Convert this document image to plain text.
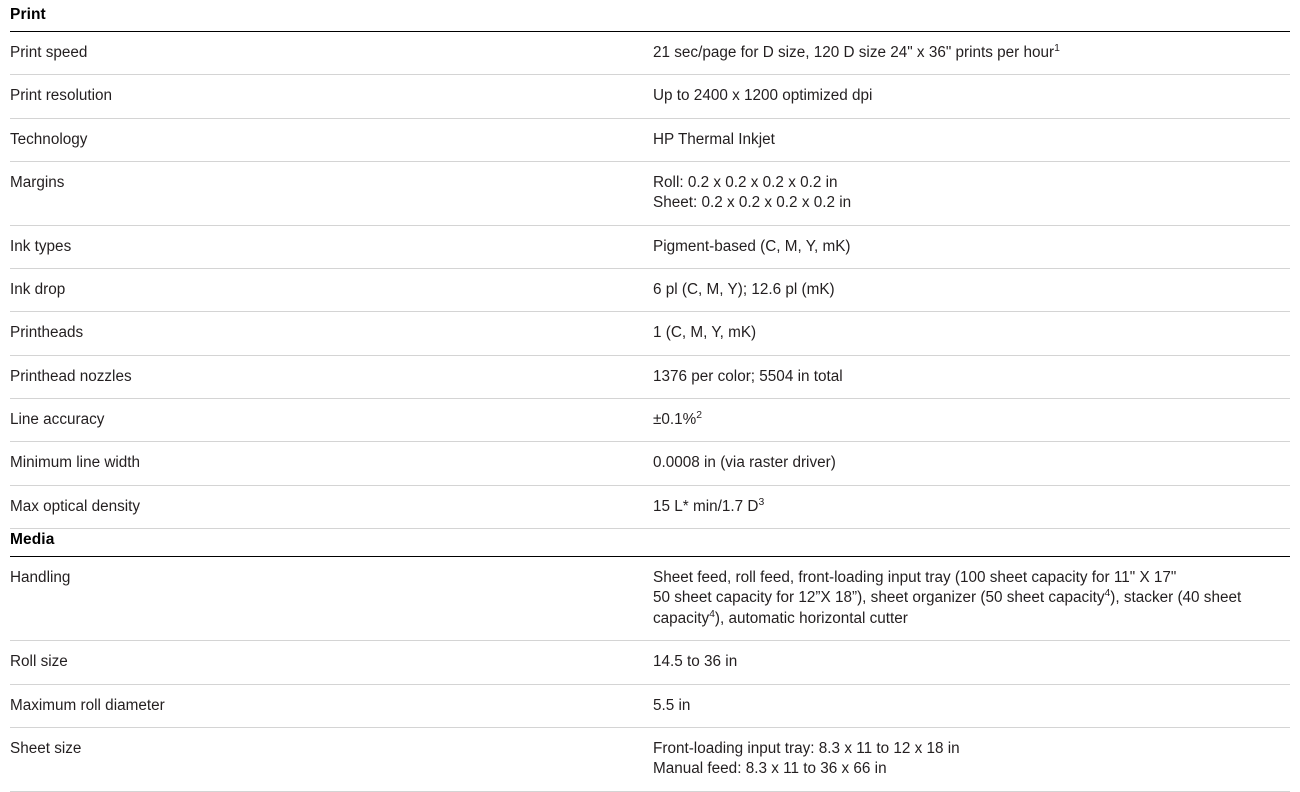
Print	
Print speed	21 sec/page for D size, 120 D size 24" x 36" prints per hour$^1$

Print resolution	Up to 2400 x 1200 optimized dpi

Technology	HP Thermal Inkjet

Margins	Roll: 0.2 x 0.2 x 0.2 x 0.2 in
Sheet: 0.2 x 0.2 x 0.2 x 0.2 in

Ink types	Pigment-based (C, M, Y, mK)

Ink drop	6 pl (C, M, Y); 12.6 pl (mK)

Printheads	1 (C, M, Y, mK)

Printhead nozzles	1376 per color; 5504 in total

Line accuracy	±0.1%$^2$

Minimum line width	0.0008 in (via raster driver)

Max optical density	15 L* min/1.7 $D^3$

Media	
Handling	Sheet feed, roll feed, front-loading input tray (100 sheet capacity for 11" X 17"
50 sheet capacity for 12”X 18”), sheet organizer (50 sheet capacity$^4$), stacker (40 sheet capacity$^4$), automatic horizontal cutter

Roll size	14.5 to 36 in

Maximum roll diameter	5.5 in

Sheet size	Front-loading input tray: 8.3 x 11 to 12 x 18 in
Manual feed: 8.3 x 11 to 36 x 66 in
